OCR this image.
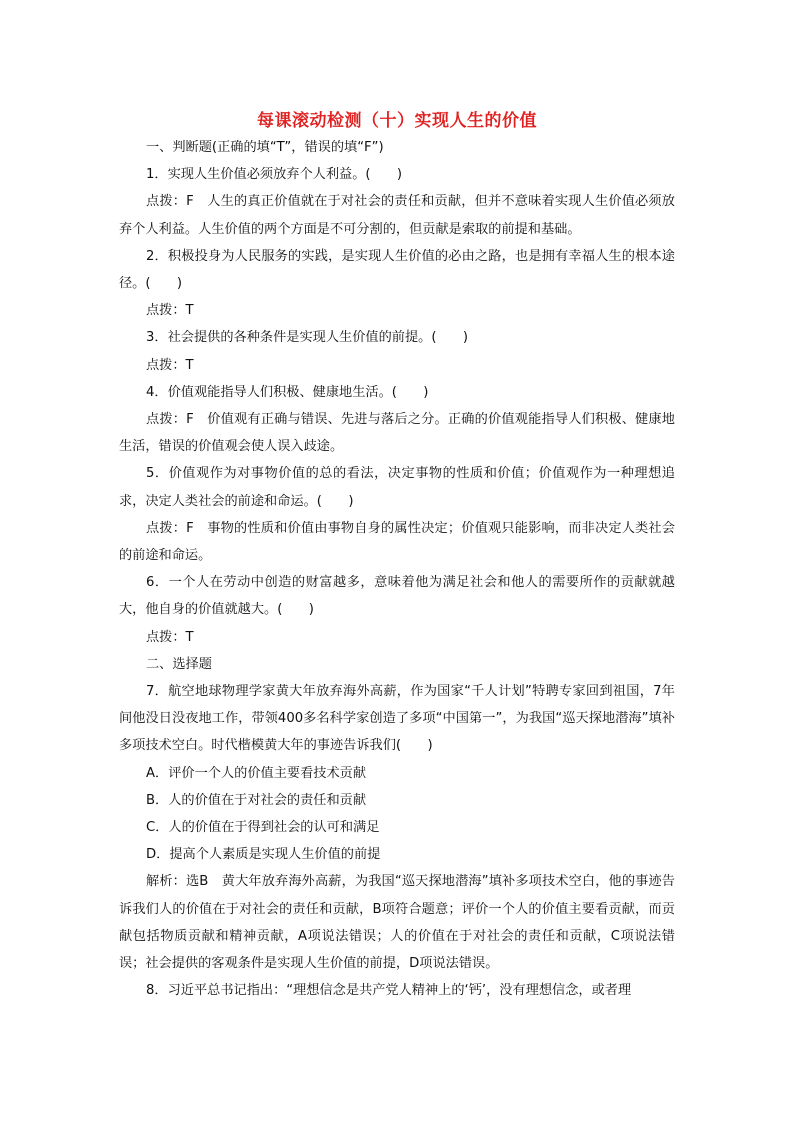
每课滚动检测（十）实现人生的价值

一、判断题(正确的填“T”，错误的填“F”)

1．实现人生价值必须放弃个人利益。(　　)

点拨：F　人生的真正价值就在于对社会的责任和贡献，但并不意味着实现人生价值必须放弃个人利益。人生价值的两个方面是不可分割的，但贡献是索取的前提和基础。

2．积极投身为人民服务的实践，是实现人生价值的必由之路，也是拥有幸福人生的根本途径。(　　)

点拨：T

3．社会提供的各种条件是实现人生价值的前提。(　　)

点拨：T

4．价值观能指导人们积极、健康地生活。(　　)

点拨：F　价值观有正确与错误、先进与落后之分。正确的价值观能指导人们积极、健康地生活，错误的价值观会使人误入歧途。

5．价值观作为对事物价值的总的看法，决定事物的性质和价值；价值观作为一种理想追求，决定人类社会的前途和命运。(　　)

点拨：F　事物的性质和价值由事物自身的属性决定；价值观只能影响，而非决定人类社会的前途和命运。

6．一个人在劳动中创造的财富越多，意味着他为满足社会和他人的需要所作的贡献就越大，他自身的价值就越大。(　　)

点拨：T

二、选择题

7．航空地球物理学家黄大年放弃海外高薪，作为国家“千人计划”特聘专家回到祖国，7年间他没日没夜地工作，带领400多名科学家创造了多项“中国第一”，为我国“巡天探地潜海”填补多项技术空白。时代楷模黄大年的事迹告诉我们(　　)

A．评价一个人的价值主要看技术贡献

B．人的价值在于对社会的责任和贡献

C．人的价值在于得到社会的认可和满足

D．提高个人素质是实现人生价值的前提

解析：选B　黄大年放弃海外高薪，为我国“巡天探地潜海”填补多项技术空白，他的事迹告诉我们人的价值在于对社会的责任和贡献，B项符合题意；评价一个人的价值主要看贡献，而贡献包括物质贡献和精神贡献，A项说法错误；人的价值在于对社会的责任和贡献，C项说法错误；社会提供的客观条件是实现人生价值的前提，D项说法错误。

8．习近平总书记指出：“理想信念是共产党人精神上的‘钙’，没有理想信念，或者理
